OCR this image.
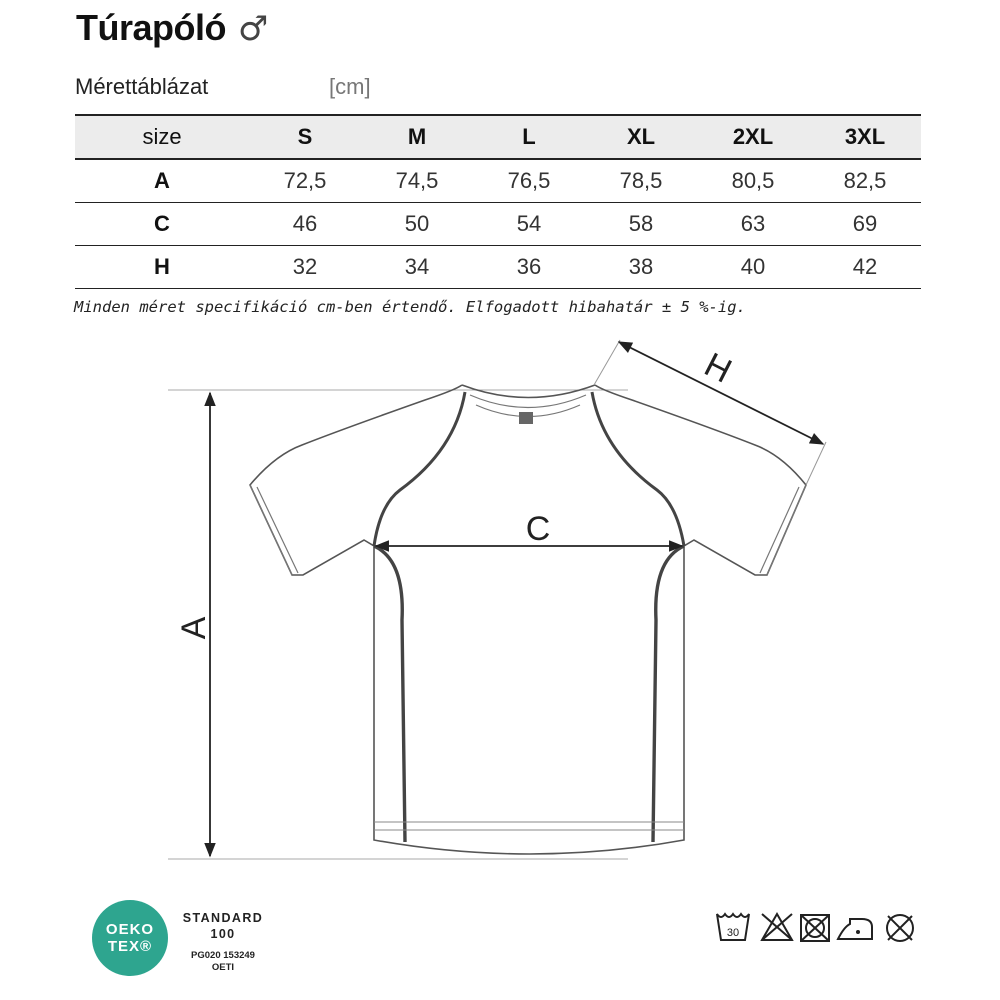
Túrapóló ♂
Mérettáblázat	[cm]
size	S	M	L	XL	2XL	3XL
A	72,5	74,5	76,5	78,5	80,5	82,5
C	46	50	54	58	63	69
H	32	34	36	38	40	42
Minden méret specifikáció cm-ben értendő. Elfogadott hibahatár ± 5 %-ig.
A
C
H
OEKO
TEX®
STANDARD
100
PG020 153249
OETI
30
